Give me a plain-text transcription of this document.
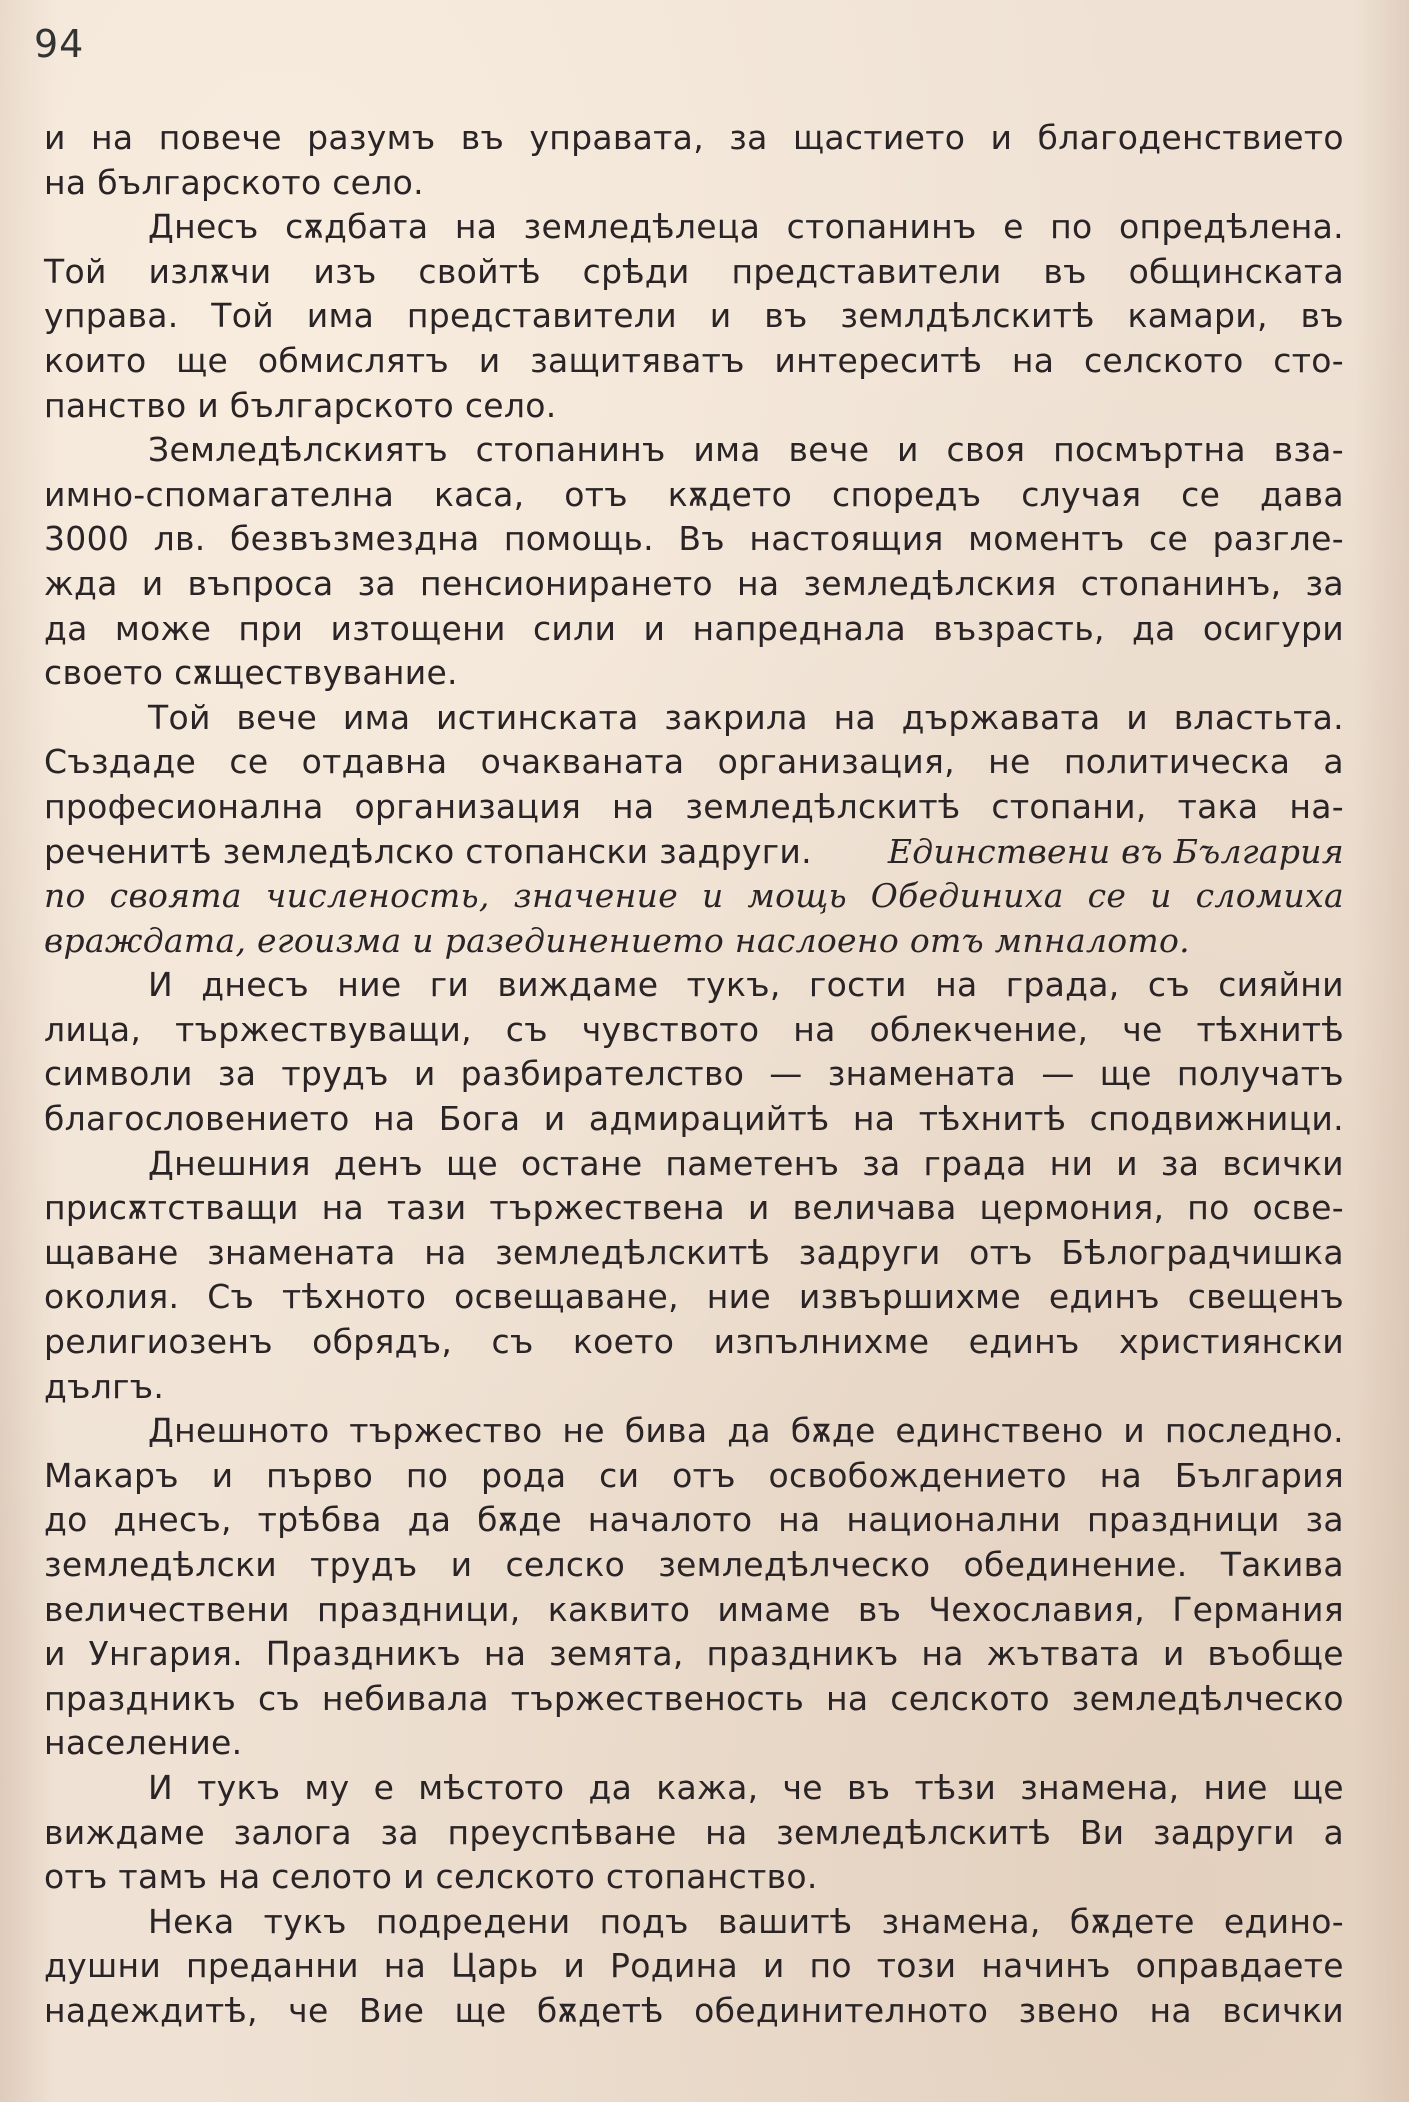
94
и на повече разумъ въ управата, за щастието и благоденствието
на българското село.
Днесъ сѫдбата на земледѣлеца стопанинъ е по опредѣлена.
Той излѫчи изъ свойтѣ срѣди представители въ общинската
управа. Той има представители и въ землдѣлскитѣ камари, въ
които ще обмислятъ и защитяватъ интереситѣ на селското сто-
панство и българското село.
Земледѣлскиятъ стопанинъ има вече и своя посмъртна вза-
имно-спомагателна каса, отъ кѫдето споредъ случая се дава
3000 лв. безвъзмездна помощь. Въ настоящия моментъ се разгле-
жда и въпроса за пенсионирането на земледѣлския стопанинъ, за
да може при изтощени сили и напреднала възрасть, да осигури
своето сѫществувание.
Той вече има истинската закрила на държавата и властьта.
Създаде се отдавна очакваната организация, не политическа а
професионална организация на земледѣлскитѣ стопани, така на-
реченитѣ земледѣлско стопански задруги. Единствени въ България
по своята численость, значение и мощь Обединиха се и сломиха
враждата, егоизма и разединението наслоено отъ мпналото.
И днесъ ние ги виждаме тукъ, гости на града, съ сияйни
лица, тържествуващи, съ чувството на облекчение, че тѣхнитѣ
символи за трудъ и разбирателство — знамената — ще получатъ
благословението на Бога и адмирацийтѣ на тѣхнитѣ сподвижници.
Днешния денъ ще остане паметенъ за града ни и за всички
присѫтстващи на тази тържествена и величава цермония, по осве-
щаване знамената на земледѣлскитѣ задруги отъ Бѣлоградчишка
околия. Съ тѣхното освещаване, ние извършихме единъ свещенъ
религиозенъ обрядъ, съ което изпълнихме единъ християнски
дългъ.
Днешното тържество не бива да бѫде единствено и последно.
Макаръ и първо по рода си отъ освобождението на България
до днесъ, трѣбва да бѫде началото на национални праздници за
земледѣлски трудъ и селско земледѣлческо обединение. Такива
величествени праздници, каквито имаме въ Чехославия, Германия
и Унгария. Праздникъ на земята, праздникъ на жътвата и въобще
праздникъ съ небивала тържественость на селското земледѣлческо
население.
И тукъ му е мѣстото да кажа, че въ тѣзи знамена, ние ще
виждаме залога за преуспѣване на земледѣлскитѣ Ви задруги а
отъ тамъ на селото и селското стопанство.
Нека тукъ подредени подъ вашитѣ знамена, бѫдете едино-
душни преданни на Царь и Родина и по този начинъ оправдаете
надеждитѣ, че Вие ще бѫдетѣ обединителното звено на всички
